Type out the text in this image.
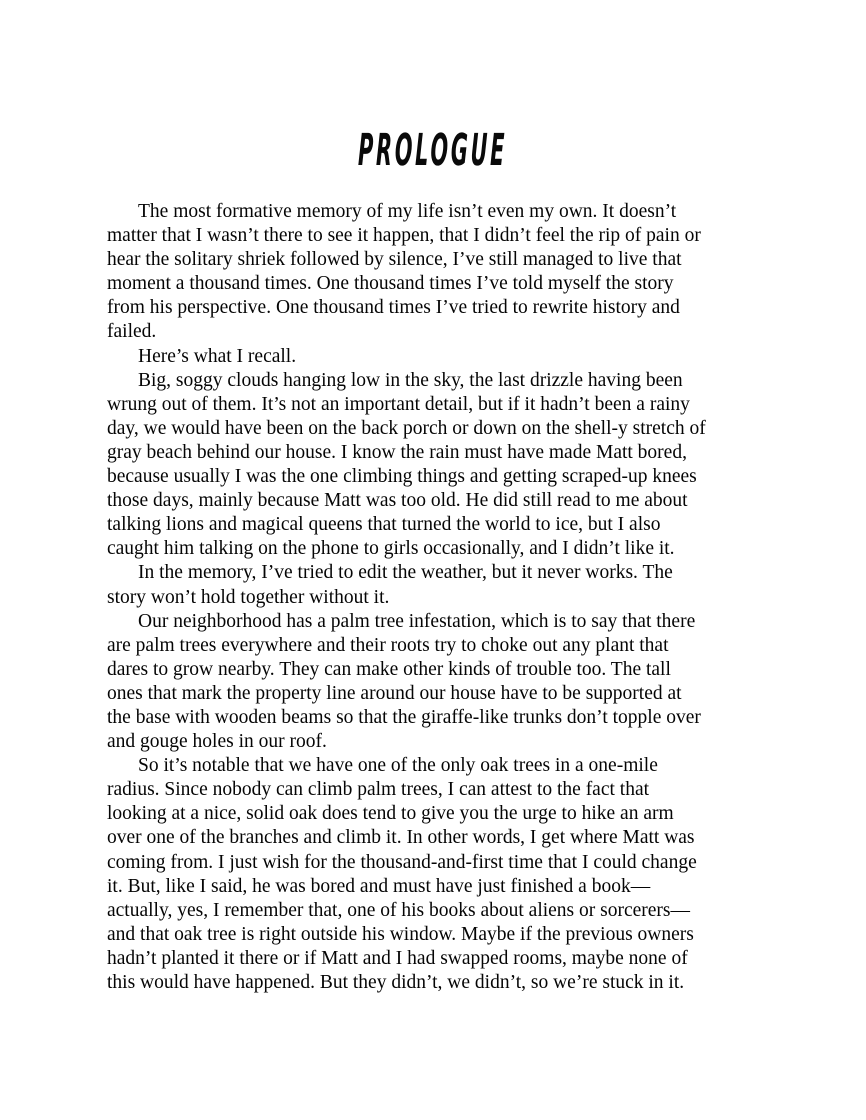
PROLOGUE

The most formative memory of my life isn’t even my own. It doesn’t
matter that I wasn’t there to see it happen, that I didn’t feel the rip of pain or
hear the solitary shriek followed by silence, I’ve still managed to live that
moment a thousand times. One thousand times I’ve told myself the story
from his perspective. One thousand times I’ve tried to rewrite history and
failed.

Here’s what I recall.

Big, soggy clouds hanging low in the sky, the last drizzle having been
wrung out of them. It’s not an important detail, but if it hadn’t been a rainy
day, we would have been on the back porch or down on the shell-y stretch of
gray beach behind our house. I know the rain must have made Matt bored,
because usually I was the one climbing things and getting scraped-up knees
those days, mainly because Matt was too old. He did still read to me about
talking lions and magical queens that turned the world to ice, but I also
caught him talking on the phone to girls occasionally, and I didn’t like it.

In the memory, I’ve tried to edit the weather, but it never works. The
story won’t hold together without it.

Our neighborhood has a palm tree infestation, which is to say that there
are palm trees everywhere and their roots try to choke out any plant that
dares to grow nearby. They can make other kinds of trouble too. The tall
ones that mark the property line around our house have to be supported at
the base with wooden beams so that the giraffe-like trunks don’t topple over
and gouge holes in our roof.

So it’s notable that we have one of the only oak trees in a one-mile
radius. Since nobody can climb palm trees, I can attest to the fact that
looking at a nice, solid oak does tend to give you the urge to hike an arm
over one of the branches and climb it. In other words, I get where Matt was
coming from. I just wish for the thousand-and-first time that I could change
it. But, like I said, he was bored and must have just finished a book—
actually, yes, I remember that, one of his books about aliens or sorcerers—
and that oak tree is right outside his window. Maybe if the previous owners
hadn’t planted it there or if Matt and I had swapped rooms, maybe none of
this would have happened. But they didn’t, we didn’t, so we’re stuck in it.
